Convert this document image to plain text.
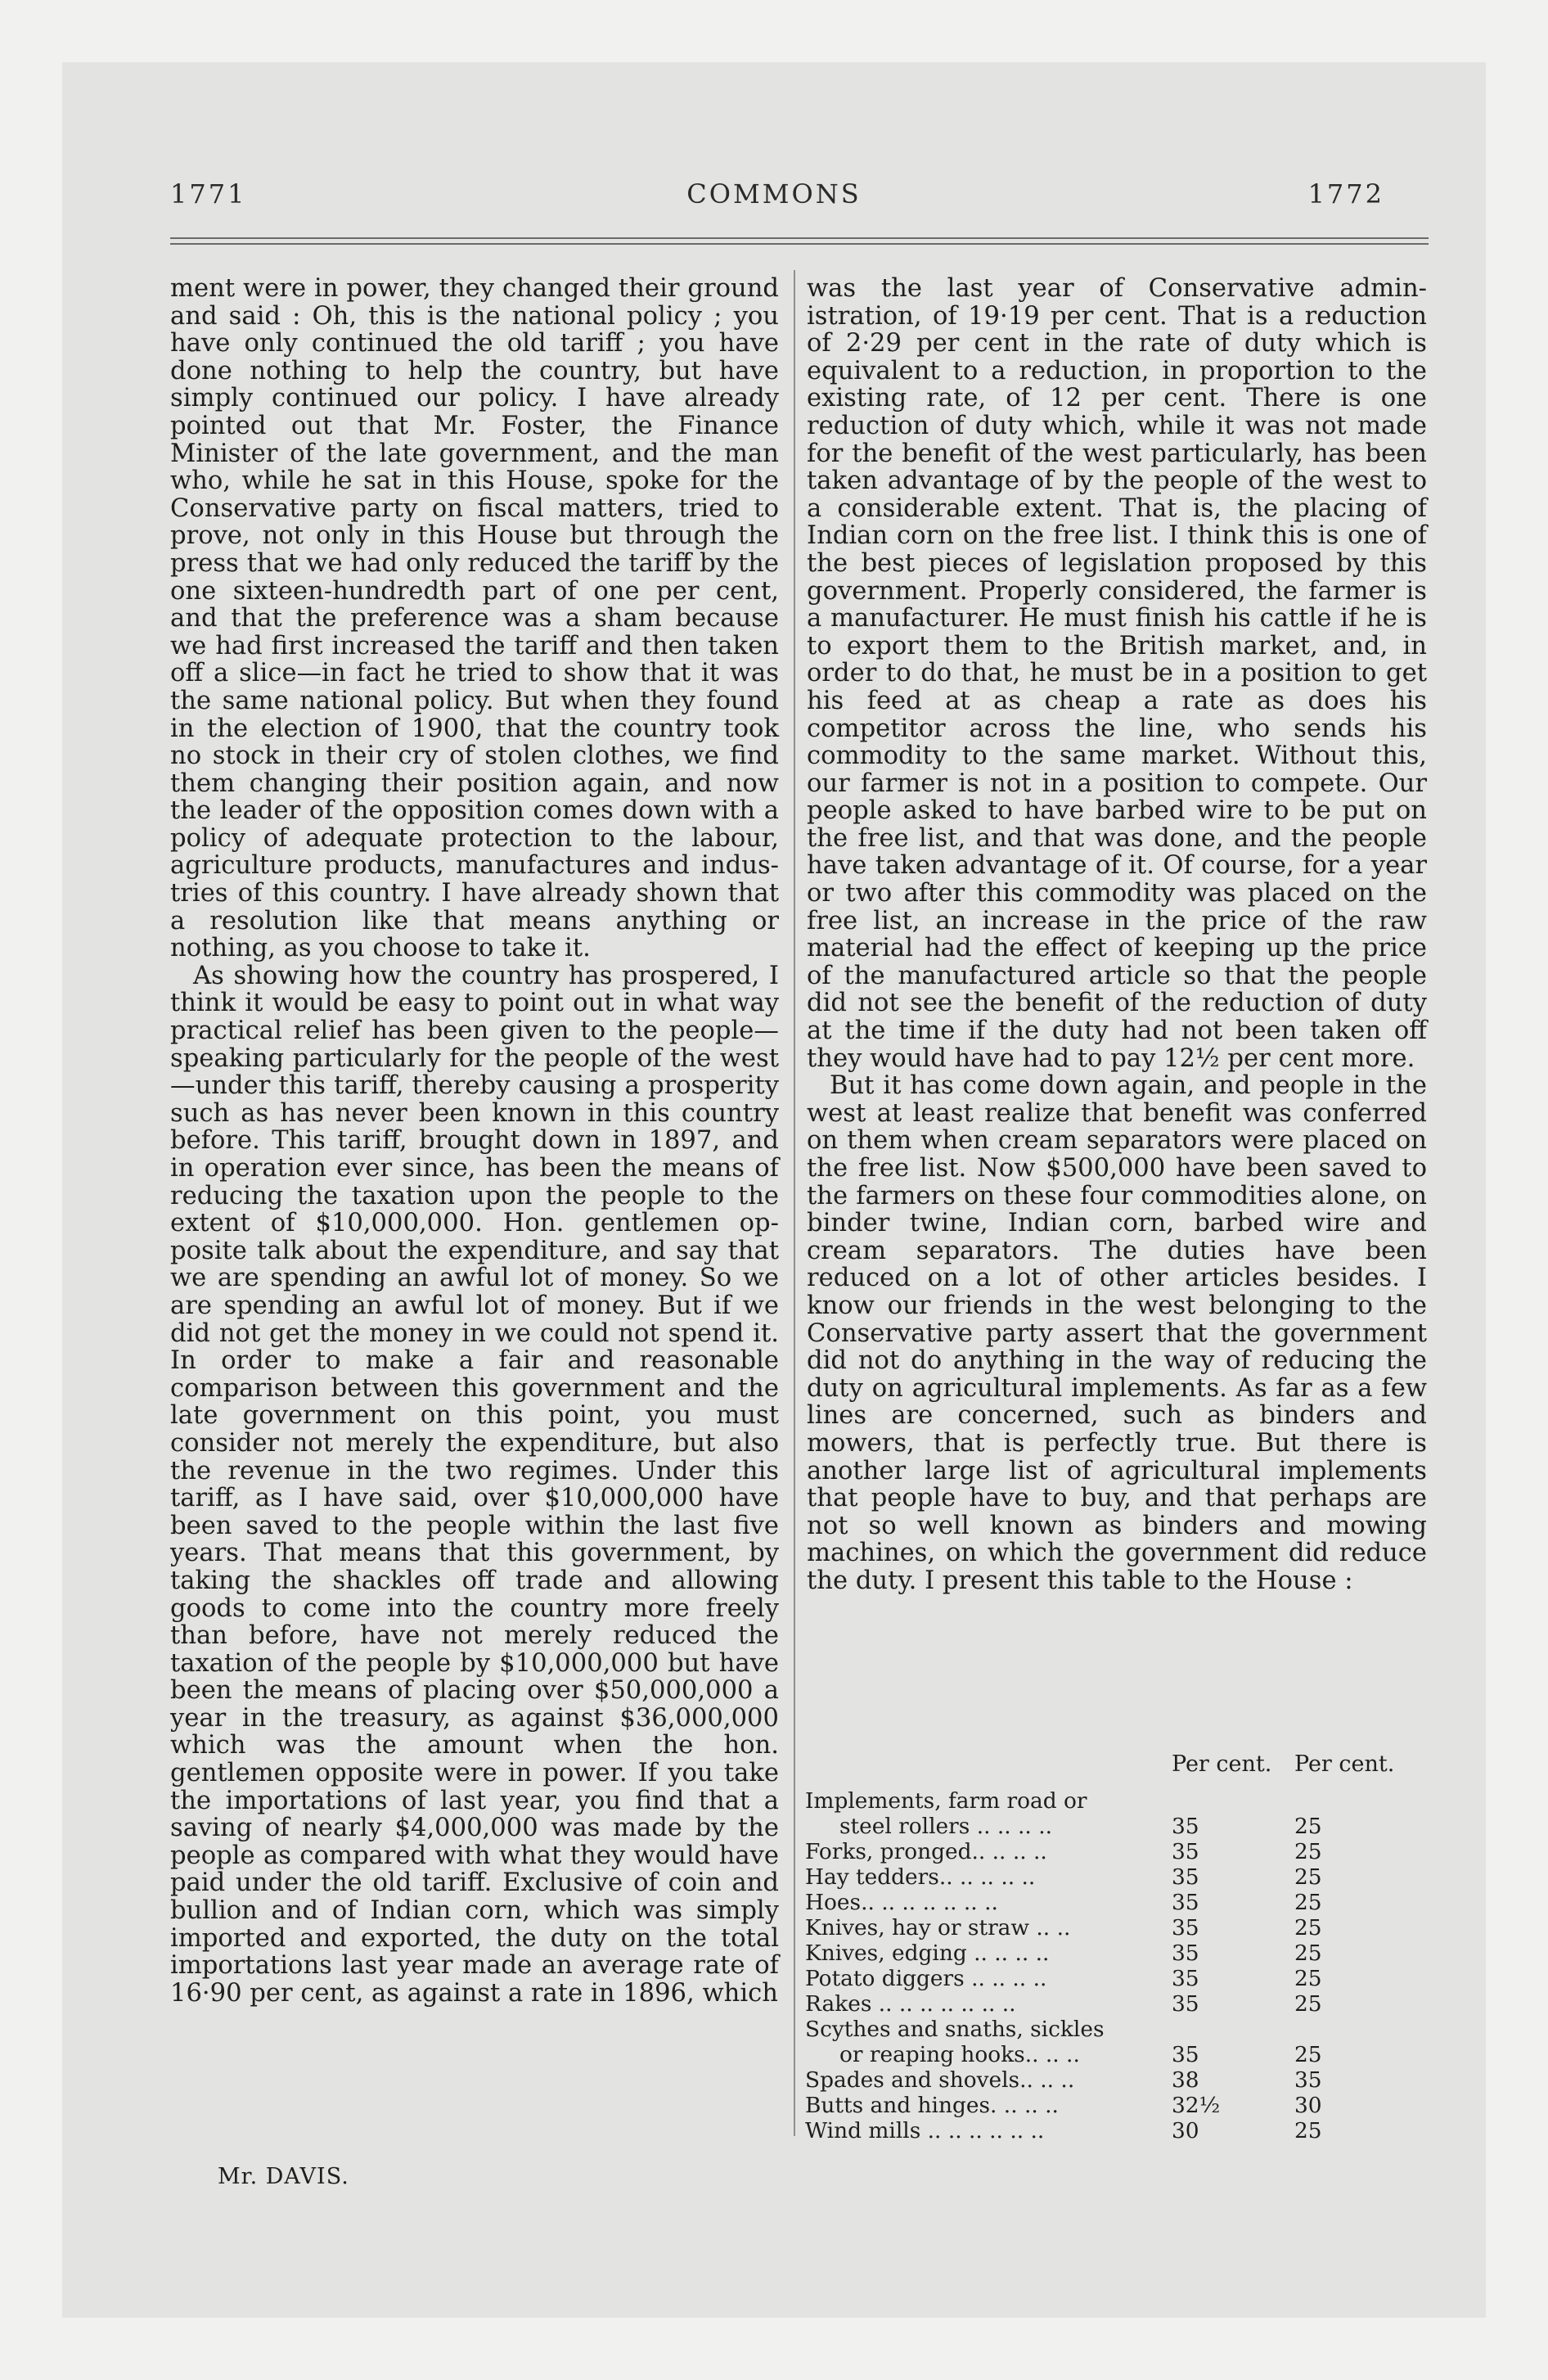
1771	COMMONS	1772

ment were in power, they changed their ground and said : Oh, this is the national policy ; you have only continued the old tariff ; you have done nothing to help the country, but have simply continued our policy. I have already pointed out that Mr. Foster, the Finance Minister of the late government, and the man who, while he sat in this House, spoke for the Conservative party on fiscal matters, tried to prove, not only in this House but through the press that we had only reduced the tariff by the one sixteen-hundredth part of one per cent, and that the preference was a sham because we had first increased the tariff and then taken off a slice—in fact he tried to show that it was the same national policy. But when they found in the election of 1900, that the country took no stock in their cry of stolen clothes, we find them changing their position again, and now the leader of the opposition comes down with a policy of adequate protection to the labour, agriculture products, manufactures and industries of this country. I have already shown that a resolution like that means anything or nothing, as you choose to take it.

As showing how the country has prospered, I think it would be easy to point out in what way practical relief has been given to the people—speaking particularly for the people of the west—under this tariff, thereby causing a prosperity such as has never been known in this country before. This tariff, brought down in 1897, and in operation ever since, has been the means of reducing the taxation upon the people to the extent of $10,000,000. Hon. gentlemen opposite talk about the expenditure, and say that we are spending an awful lot of money. So we are spending an awful lot of money. But if we did not get the money in we could not spend it. In order to make a fair and reasonable comparison between this government and the late government on this point, you must consider not merely the expenditure, but also the revenue in the two regimes. Under this tariff, as I have said, over $10,000,000 have been saved to the people within the last five years. That means that this government, by taking the shackles off trade and allowing goods to come into the country more freely than before, have not merely reduced the taxation of the people by $10,000,000 but have been the means of placing over $50,000,000 a year in the treasury, as against $36,000,000 which was the amount when the hon. gentlemen opposite were in power. If you take the importations of last year, you find that a saving of nearly $4,000,000 was made by the people as compared with what they would have paid under the old tariff. Exclusive of coin and bullion and of Indian corn, which was simply imported and exported, the duty on the total importations last year made an average rate of 16·90 per cent, as against a rate in 1896, which

was the last year of Conservative administration, of 19·19 per cent. That is a reduction of 2·29 per cent in the rate of duty which is equivalent to a reduction, in proportion to the existing rate, of 12 per cent. There is one reduction of duty which, while it was not made for the benefit of the west particularly, has been taken advantage of by the people of the west to a considerable extent. That is, the placing of Indian corn on the free list. I think this is one of the best pieces of legislation proposed by this government. Properly considered, the farmer is a manufacturer. He must finish his cattle if he is to export them to the British market, and, in order to do that, he must be in a position to get his feed at as cheap a rate as does his competitor across the line, who sends his commodity to the same market. Without this, our farmer is not in a position to compete. Our people asked to have barbed wire to be put on the free list, and that was done, and the people have taken advantage of it. Of course, for a year or two after this commodity was placed on the free list, an increase in the price of the raw material had the effect of keeping up the price of the manufactured article so that the people did not see the benefit of the reduction of duty at the time if the duty had not been taken off they would have had to pay 12½ per cent more.

But it has come down again, and people in the west at least realize that benefit was conferred on them when cream separators were placed on the free list. Now $500,000 have been saved to the farmers on these four commodities alone, on binder twine, Indian corn, barbed wire and cream separators. The duties have been reduced on a lot of other articles besides. I know our friends in the west belonging to the Conservative party assert that the government did not do anything in the way of reducing the duty on agricultural implements. As far as a few lines are concerned, such as binders and mowers, that is perfectly true. But there is another large list of agricultural implements that people have to buy, and that perhaps are not so well known as binders and mowing machines, on which the government did reduce the duty. I present this table to the House :

	Per cent.	Per cent.
Implements, farm road or		
steel rollers .. .. .. ..	35	25
Forks, pronged.. .. .. ..	35	25
Hay tedders.. .. .. .. ..	35	25
Hoes.. .. .. .. .. .. ..	35	25
Knives, hay or straw .. ..	35	25
Knives, edging .. .. .. ..	35	25
Potato diggers .. .. .. ..	35	25
Rakes .. .. .. .. .. .. ..	35	25
Scythes and snaths, sickles		
or reaping hooks.. .. ..	35	25
Spades and shovels.. .. ..	38	35
Butts and hinges. .. .. ..	32½	30
Wind mills .. .. .. .. .. ..	30	25
Mr. DAVIS.
